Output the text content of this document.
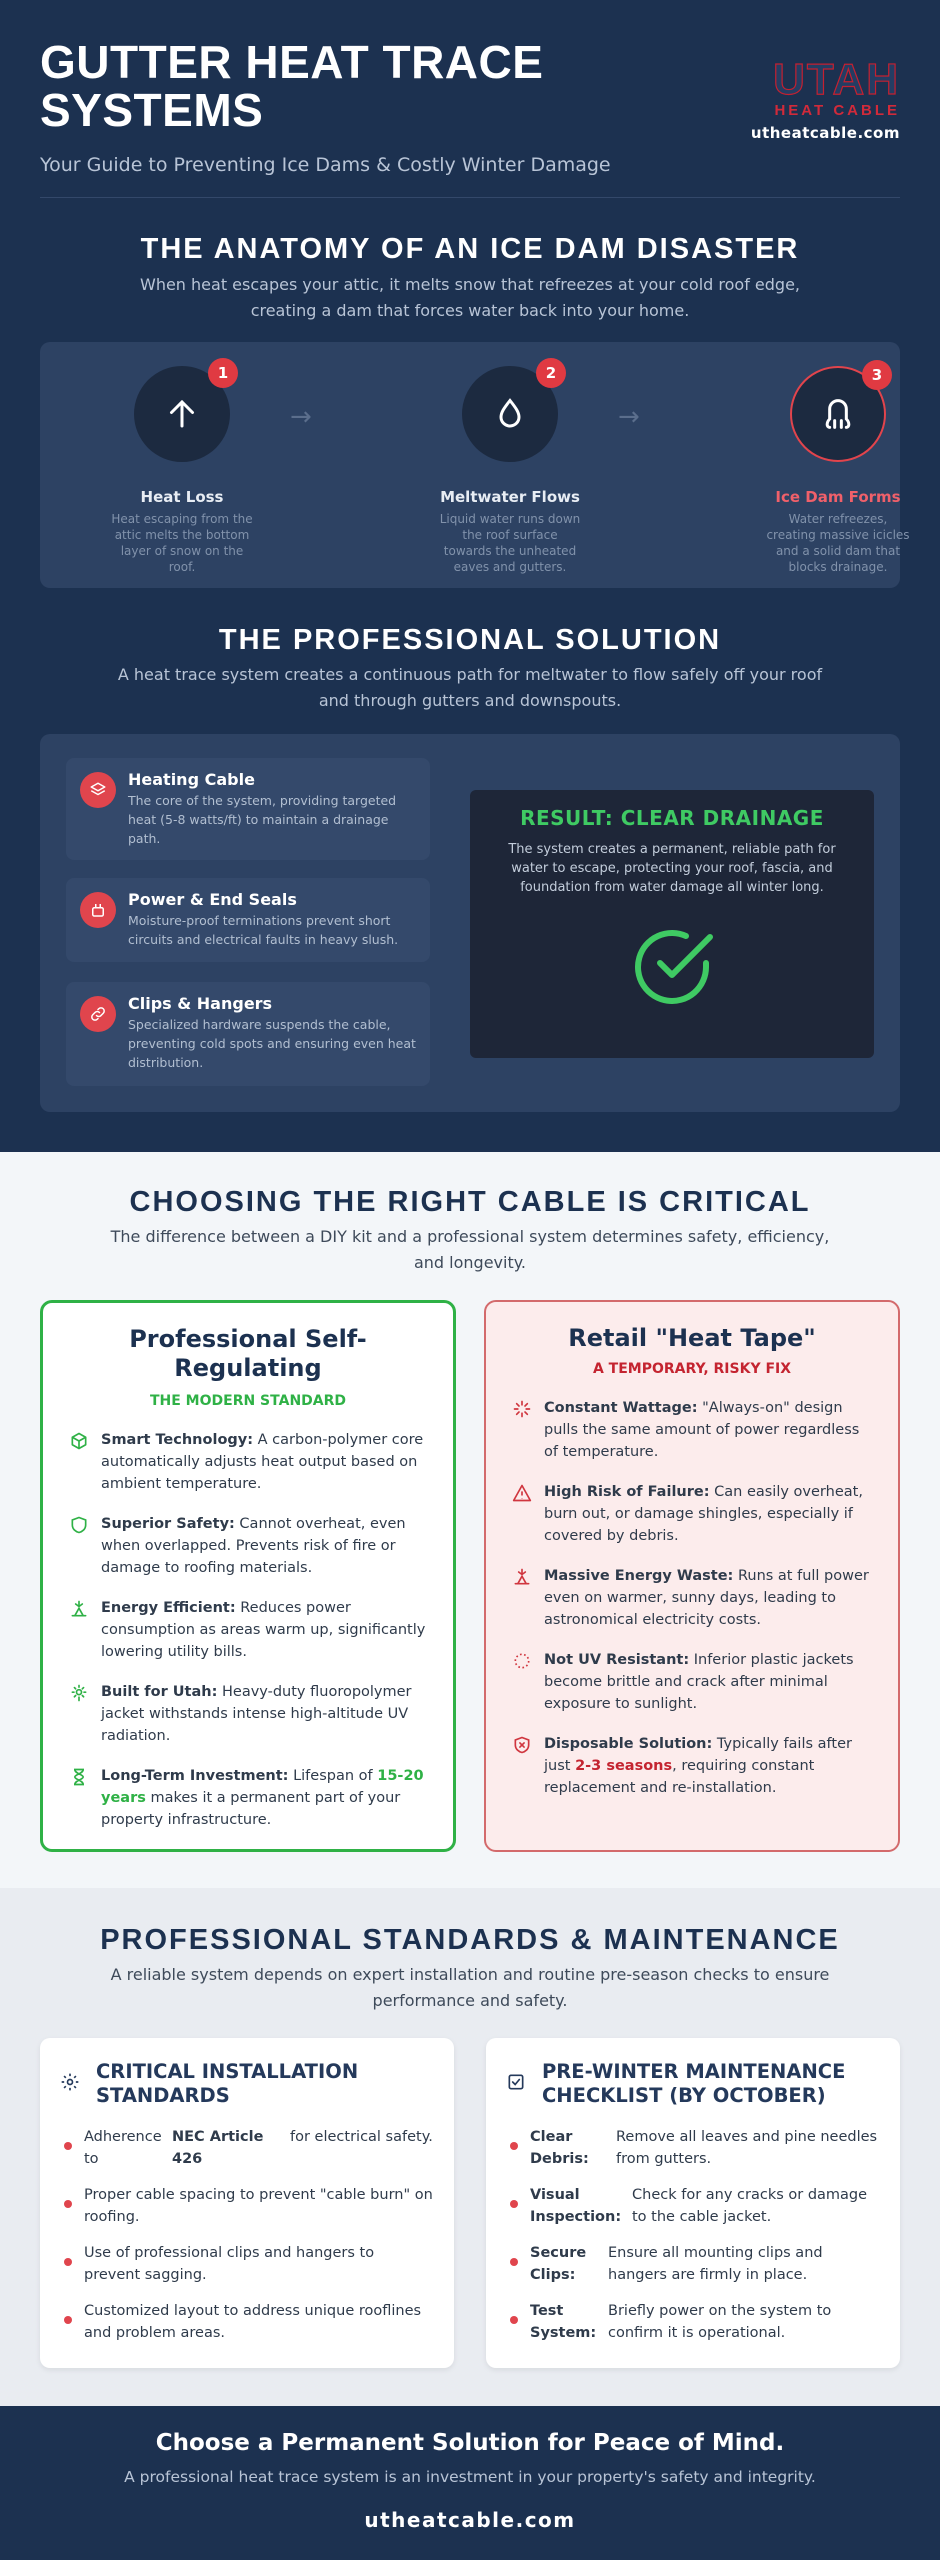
GUTTER HEAT TRACE SYSTEMS
Your Guide to Preventing Ice Dams & Costly Winter Damage
UTAH
HEAT CABLE
utheatcable.com
THE ANATOMY OF AN ICE DAM DISASTER
When heat escapes your attic, it melts snow that refreezes at your cold roof edge, creating a dam that forces water back into your home.
1
Heat Loss
Heat escaping from the attic melts the bottom layer of snow on the roof.
→
2
Meltwater Flows
Liquid water runs down the roof surface towards the unheated eaves and gutters.
→
3
Ice Dam Forms
Water refreezes, creating massive icicles and a solid dam that blocks drainage.
THE PROFESSIONAL SOLUTION
A heat trace system creates a continuous path for meltwater to flow safely off your roof and through gutters and downspouts.
Heating Cable
The core of the system, providing targeted heat (5-8 watts/ft) to maintain a drainage path.
Power & End Seals
Moisture-proof terminations prevent short circuits and electrical faults in heavy slush.
Clips & Hangers
Specialized hardware suspends the cable, preventing cold spots and ensuring even heat distribution.
RESULT: CLEAR DRAINAGE
The system creates a permanent, reliable path for water to escape, protecting your roof, fascia, and foundation from water damage all winter long.
CHOOSING THE RIGHT CABLE IS CRITICAL
The difference between a DIY kit and a professional system determines safety, efficiency, and longevity.
Professional Self-Regulating
THE MODERN STANDARD
Smart Technology: A carbon-polymer core automatically adjusts heat output based on ambient temperature.
Superior Safety: Cannot overheat, even when overlapped. Prevents risk of fire or damage to roofing materials.
Energy Efficient: Reduces power consumption as areas warm up, significantly lowering utility bills.
Built for Utah: Heavy-duty fluoropolymer jacket withstands intense high-altitude UV radiation.
Long-Term Investment: Lifespan of 15-20 years makes it a permanent part of your property infrastructure.
Retail "Heat Tape"
A TEMPORARY, RISKY FIX
Constant Wattage: "Always-on" design pulls the same amount of power regardless of temperature.
High Risk of Failure: Can easily overheat, burn out, or damage shingles, especially if covered by debris.
Massive Energy Waste: Runs at full power even on warmer, sunny days, leading to astronomical electricity costs.
Not UV Resistant: Inferior plastic jackets become brittle and crack after minimal exposure to sunlight.
Disposable Solution: Typically fails after just 2-3 seasons, requiring constant replacement and re-installation.
PROFESSIONAL STANDARDS & MAINTENANCE
A reliable system depends on expert installation and routine pre-season checks to ensure performance and safety.
CRITICAL INSTALLATION STANDARDS
Adherence to
NEC Article 426
for electrical safety.
Proper cable spacing to prevent "cable burn" on roofing.
Use of professional clips and hangers to prevent sagging.
Customized layout to address unique rooflines and problem areas.
PRE-WINTER MAINTENANCE CHECKLIST (BY OCTOBER)
Clear Debris:
Remove all leaves and pine needles from gutters.
Visual Inspection:
Check for any cracks or damage to the cable jacket.
Secure Clips:
Ensure all mounting clips and hangers are firmly in place.
Test System:
Briefly power on the system to confirm it is operational.
Choose a Permanent Solution for Peace of Mind.
A professional heat trace system is an investment in your property's safety and integrity.
utheatcable.com
